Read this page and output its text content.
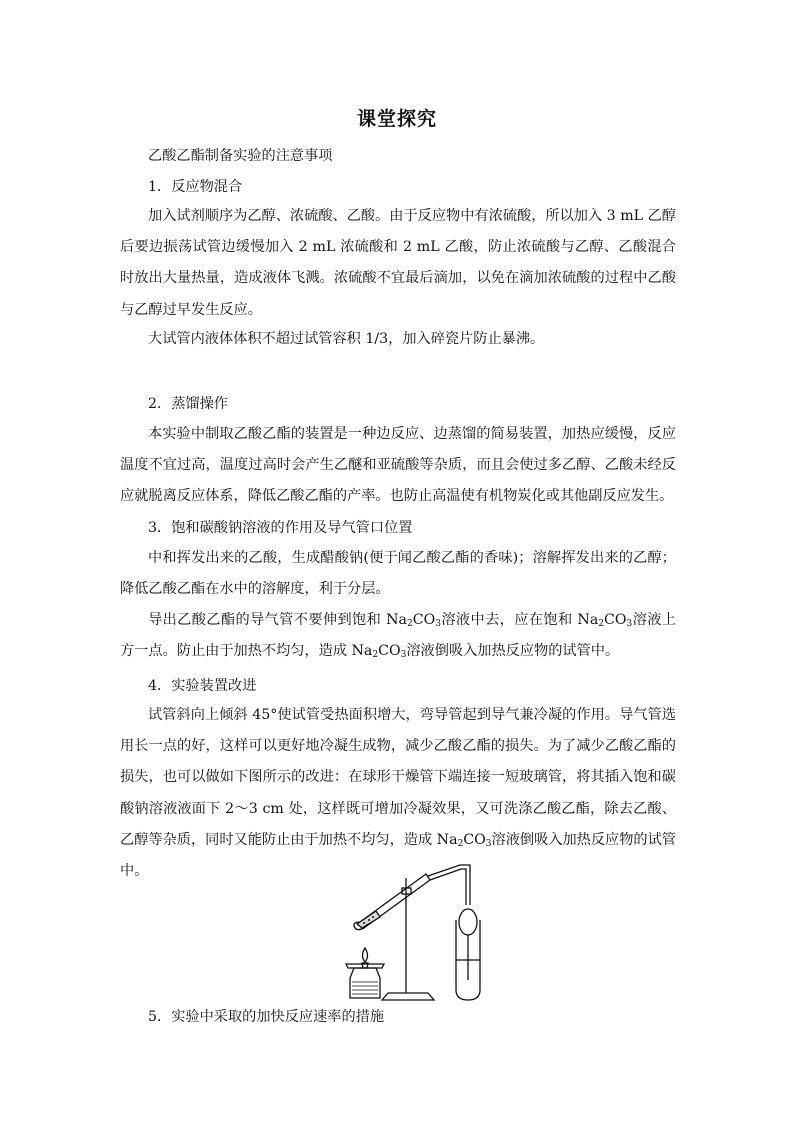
课堂探究
乙酸乙酯制备实验的注意事项
1．反应物混合
加入试剂顺序为乙醇、浓硫酸、乙酸。由于反应物中有浓硫酸，所以加入 3 mL 乙醇后要边振荡试管边缓慢加入 2 mL 浓硫酸和 2 mL 乙酸，防止浓硫酸与乙醇、乙酸混合时放出大量热量，造成液体飞溅。浓硫酸不宜最后滴加，以免在滴加浓硫酸的过程中乙酸与乙醇过早发生反应。
大试管内液体体积不超过试管容积 1/3，加入碎瓷片防止暴沸。
2．蒸馏操作
本实验中制取乙酸乙酯的装置是一种边反应、边蒸馏的简易装置，加热应缓慢，反应温度不宜过高，温度过高时会产生乙醚和亚硫酸等杂质，而且会使过多乙醇、乙酸未经反应就脱离反应体系，降低乙酸乙酯的产率。也防止高温使有机物炭化或其他副反应发生。
3．饱和碳酸钠溶液的作用及导气管口位置
中和挥发出来的乙酸，生成醋酸钠(便于闻乙酸乙酯的香味)；溶解挥发出来的乙醇；降低乙酸乙酯在水中的溶解度，利于分层。
导出乙酸乙酯的导气管不要伸到饱和 $Na_2CO_3$溶液中去，应在饱和 $Na_2CO_3$溶液上方一点。防止由于加热不均匀，造成 $Na_2CO_3$溶液倒吸入加热反应物的试管中。
4．实验装置改进
试管斜向上倾斜 45°使试管受热面积增大，弯导管起到导气兼冷凝的作用。导气管选用长一点的好，这样可以更好地冷凝生成物，减少乙酸乙酯的损失。为了减少乙酸乙酯的损失，也可以做如下图所示的改进：在球形干燥管下端连接一短玻璃管，将其插入饱和碳酸钠溶液液面下 2～3 cm 处，这样既可增加冷凝效果，又可洗涤乙酸乙酯，除去乙酸、乙醇等杂质，同时又能防止由于加热不均匀，造成 $Na_2CO_3$溶液倒吸入加热反应物的试管中。
5．实验中采取的加快反应速率的措施
